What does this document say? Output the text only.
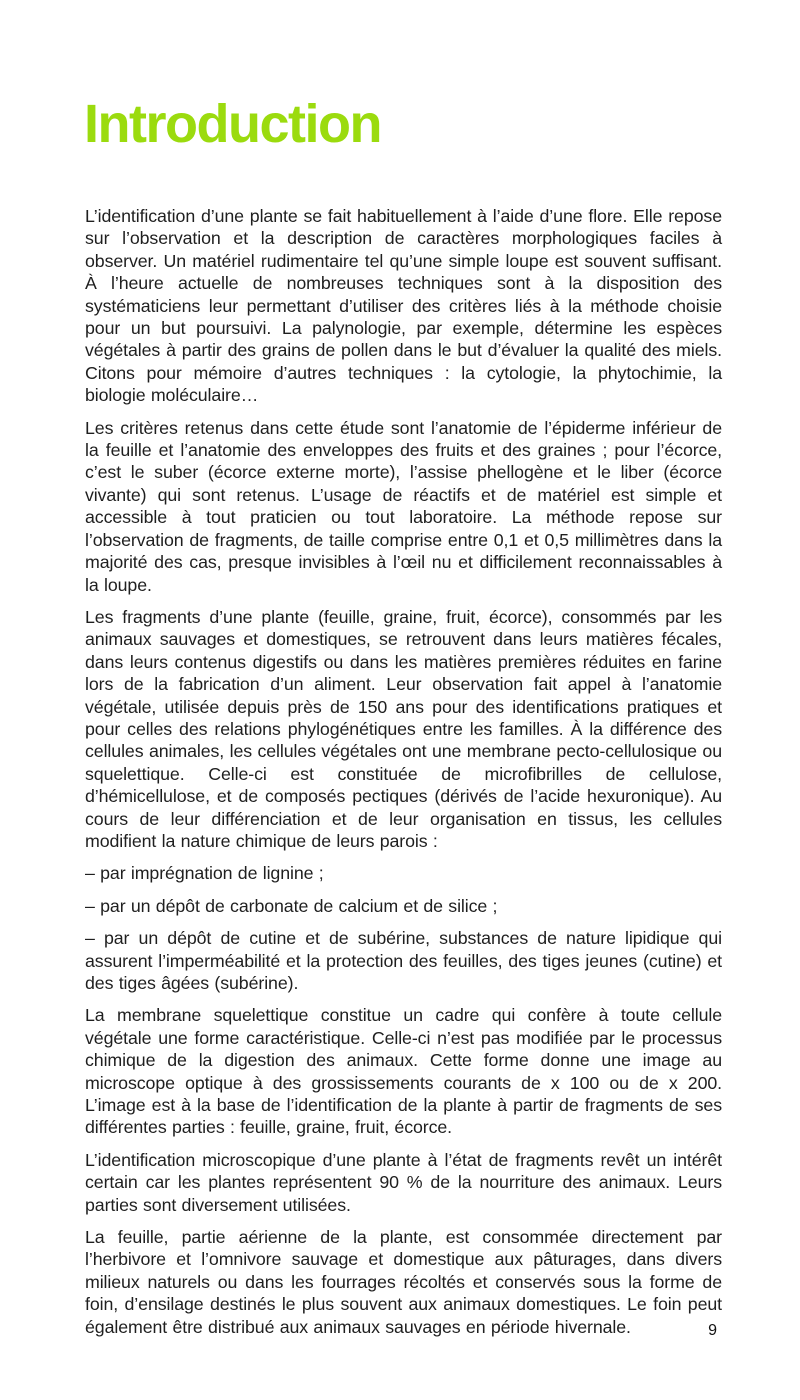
Introduction

L’identification d’une plante se fait habituellement à l’aide d’une flore. Elle repose sur l’observation et la description de caractères morphologiques faciles à observer. Un matériel rudimentaire tel qu’une simple loupe est souvent suffisant. À l’heure actuelle de nombreuses techniques sont à la disposition des systématiciens leur permettant d’utiliser des critères liés à la méthode choisie pour un but poursuivi. La palynologie, par exemple, détermine les espèces végétales à partir des grains de pollen dans le but d’évaluer la qualité des miels. Citons pour mémoire d’autres techniques : la cytologie, la phytochimie, la biologie moléculaire…

Les critères retenus dans cette étude sont l’anatomie de l’épiderme inférieur de la feuille et l’anatomie des enveloppes des fruits et des graines ; pour l’écorce, c’est le suber (écorce externe morte), l’assise phellogène et le liber (écorce vivante) qui sont retenus. L’usage de réactifs et de matériel est simple et accessible à tout praticien ou tout laboratoire. La méthode repose sur l’observation de fragments, de taille comprise entre 0,1 et 0,5 millimètres dans la majorité des cas, presque invisibles à l’œil nu et difficilement reconnaissables à la loupe.

Les fragments d’une plante (feuille, graine, fruit, écorce), consommés par les animaux sauvages et domestiques, se retrouvent dans leurs matières fécales, dans leurs contenus digestifs ou dans les matières premières réduites en farine lors de la fabrication d’un aliment. Leur observation fait appel à l’anatomie végétale, utilisée depuis près de 150 ans pour des identifications pratiques et pour celles des relations phylogénétiques entre les familles. À la différence des cellules animales, les cellules végétales ont une membrane pecto-cellulosique ou squelettique. Celle-ci est constituée de microfibrilles de cellulose, d’hémicellulose, et de composés pectiques (dérivés de l’acide hexuronique). Au cours de leur différenciation et de leur organisation en tissus, les cellules modifient la nature chimique de leurs parois :

– par imprégnation de lignine ;

– par un dépôt de carbonate de calcium et de silice ;

– par un dépôt de cutine et de subérine, substances de nature lipidique qui assurent l’imperméabilité et la protection des feuilles, des tiges jeunes (cutine) et des tiges âgées (subérine).

La membrane squelettique constitue un cadre qui confère à toute cellule végétale une forme caractéristique. Celle-ci n’est pas modifiée par le processus chimique de la digestion des animaux. Cette forme donne une image au microscope optique à des grossissements courants de x 100 ou de x 200. L’image est à la base de l’identification de la plante à partir de fragments de ses différentes parties : feuille, graine, fruit, écorce.

L’identification microscopique d’une plante à l’état de fragments revêt un intérêt certain car les plantes représentent 90 % de la nourriture des animaux. Leurs parties sont diversement utilisées.

La feuille, partie aérienne de la plante, est consommée directement par l’herbivore et l’omnivore sauvage et domestique aux pâturages, dans divers milieux naturels ou dans les fourrages récoltés et conservés sous la forme de foin, d’ensilage destinés le plus souvent aux animaux domestiques. Le foin peut également être distribué aux animaux sauvages en période hivernale.	9
